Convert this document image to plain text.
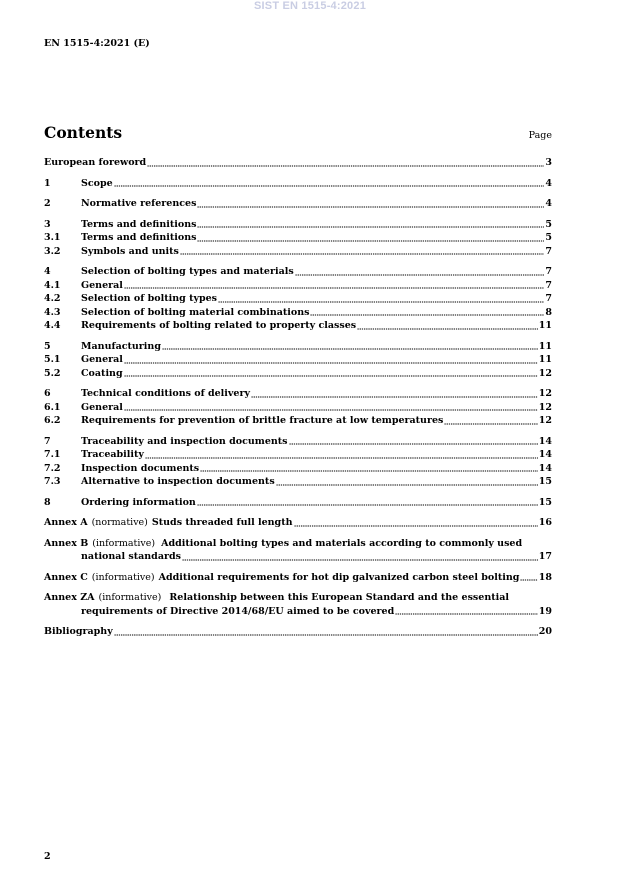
SIST EN 1515-4:2021
EN 1515-4:2021 (E)
Contents	Page
European foreword	3
1	Scope	4
2	Normative references	4
3	Terms and definitions	5
3.1	Terms and definitions	5
3.2	Symbols and units	7
4	Selection of bolting types and materials	7
4.1	General	7
4.2	Selection of bolting types	7
4.3	Selection of bolting material combinations	8
4.4	Requirements of bolting related to property classes	11
5	Manufacturing	11
5.1	General	11
5.2	Coating	12
6	Technical conditions of delivery	12
6.1	General	12
6.2	Requirements for prevention of brittle fracture at low temperatures	12
7	Traceability and inspection documents	14
7.1	Traceability	14
7.2	Inspection documents	14
7.3	Alternative to inspection documents	15
8	Ordering information	15
Annex A (normative) Studs threaded full length	16
Annex B (informative) Additional bolting types and materials according to commonly used
national standards	17
Annex C (informative) Additional requirements for hot dip galvanized carbon steel bolting 18
Annex ZA (informative) Relationship between this European Standard and the essential
requirements of Directive 2014/68/EU aimed to be covered	19
Bibliography	20
2
